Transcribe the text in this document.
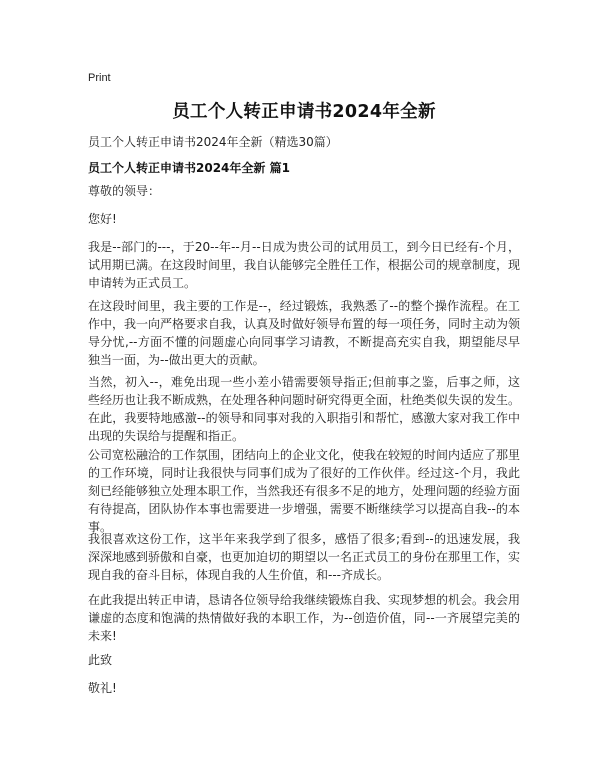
Print
员工个人转正申请书2024年全新
员工个人转正申请书2024年全新（精选30篇）
员工个人转正申请书2024年全新 篇1

尊敬的领导：

您好!

我是--部门的---，于20--年--月--日成为贵公司的试用员工，到今日已经有-个月，试用期已满。在这段时间里，我自认能够完全胜任工作，根据公司的规章制度，现申请转为正式员工。

在这段时间里，我主要的工作是--，经过锻炼，我熟悉了--的整个操作流程。在工作中，我一向严格要求自我，认真及时做好领导布置的每一项任务，同时主动为领导分忧,--方面不懂的问题虚心向同事学习请教，不断提高充实自我，期望能尽早独当一面，为--做出更大的贡献。

当然，初入--，难免出现一些小差小错需要领导指正;但前事之鉴，后事之师，这些经历也让我不断成熟，在处理各种问题时研究得更全面，杜绝类似失误的发生。在此，我要特地感激--的领导和同事对我的入职指引和帮忙，感激大家对我工作中出现的失误给与提醒和指正。

公司宽松融洽的工作氛围，团结向上的企业文化，使我在较短的时间内适应了那里的工作环境，同时让我很快与同事们成为了很好的工作伙伴。经过这-个月，我此刻已经能够独立处理本职工作，当然我还有很多不足的地方，处理问题的经验方面有待提高，团队协作本事也需要进一步增强，需要不断继续学习以提高自我--的本事。

我很喜欢这份工作，这半年来我学到了很多，感悟了很多;看到--的迅速发展，我深深地感到骄傲和自豪，也更加迫切的期望以一名正式员工的身份在那里工作，实现自我的奋斗目标，体现自我的人生价值，和---齐成长。

在此我提出转正申请，恳请各位领导给我继续锻炼自我、实现梦想的机会。我会用谦虚的态度和饱满的热情做好我的本职工作，为--创造价值，同--一齐展望完美的未来!

此致

敬礼!
